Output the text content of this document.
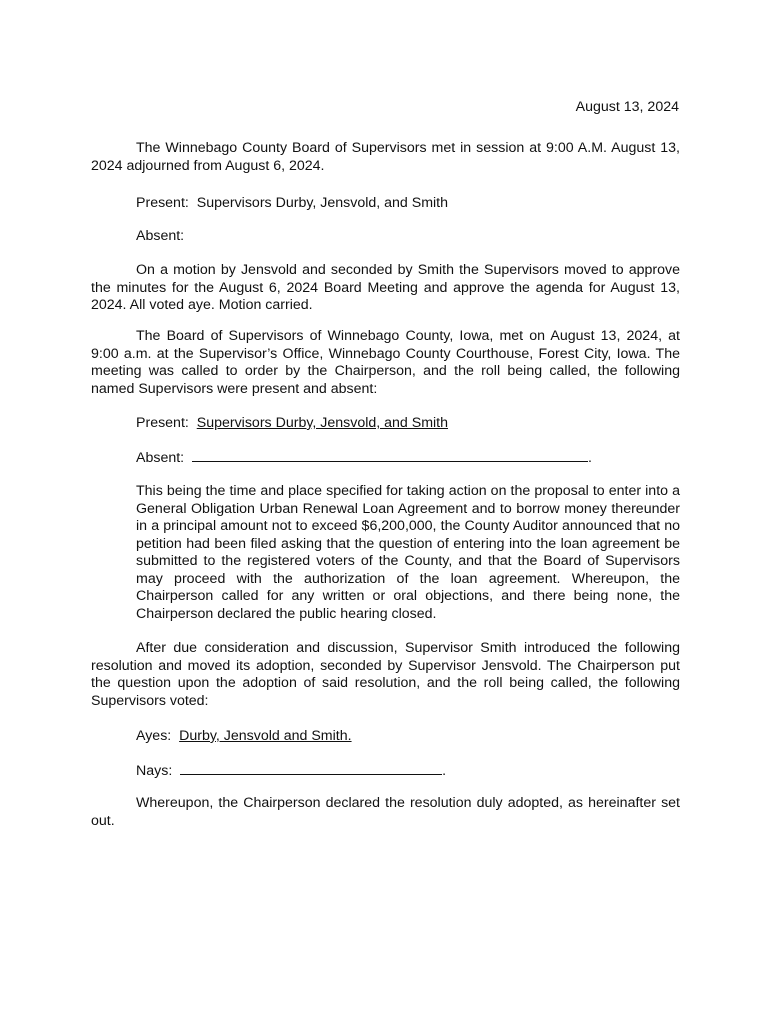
August 13, 2024

The Winnebago County Board of Supervisors met in session at 9:00 A.M. August 13, 2024 adjourned from August 6, 2024.

Present: Supervisors Durby, Jensvold, and Smith
Absent:

On a motion by Jensvold and seconded by Smith the Supervisors moved to approve the minutes for the August 6, 2024 Board Meeting and approve the agenda for August 13, 2024. All voted aye. Motion carried.

The Board of Supervisors of Winnebago County, Iowa, met on August 13, 2024, at 9:00 a.m. at the Supervisor’s Office, Winnebago County Courthouse, Forest City, Iowa. The meeting was called to order by the Chairperson, and the roll being called, the following named Supervisors were present and absent:

Present: Supervisors Durby, Jensvold, and Smith
Absent:	.

This being the time and place specified for taking action on the proposal to enter into a General Obligation Urban Renewal Loan Agreement and to borrow money thereunder in a principal amount not to exceed $6,200,000, the County Auditor announced that no petition had been filed asking that the question of entering into the loan agreement be submitted to the registered voters of the County, and that the Board of Supervisors may proceed with the authorization of the loan agreement. Whereupon, the Chairperson called for any written or oral objections, and there being none, the Chairperson declared the public hearing closed.

After due consideration and discussion, Supervisor Smith introduced the following resolution and moved its adoption, seconded by Supervisor Jensvold. The Chairperson put the question upon the adoption of said resolution, and the roll being called, the following Supervisors voted:

Ayes: Durby, Jensvold and Smith.
Nays:	.

Whereupon, the Chairperson declared the resolution duly adopted, as hereinafter set out.
